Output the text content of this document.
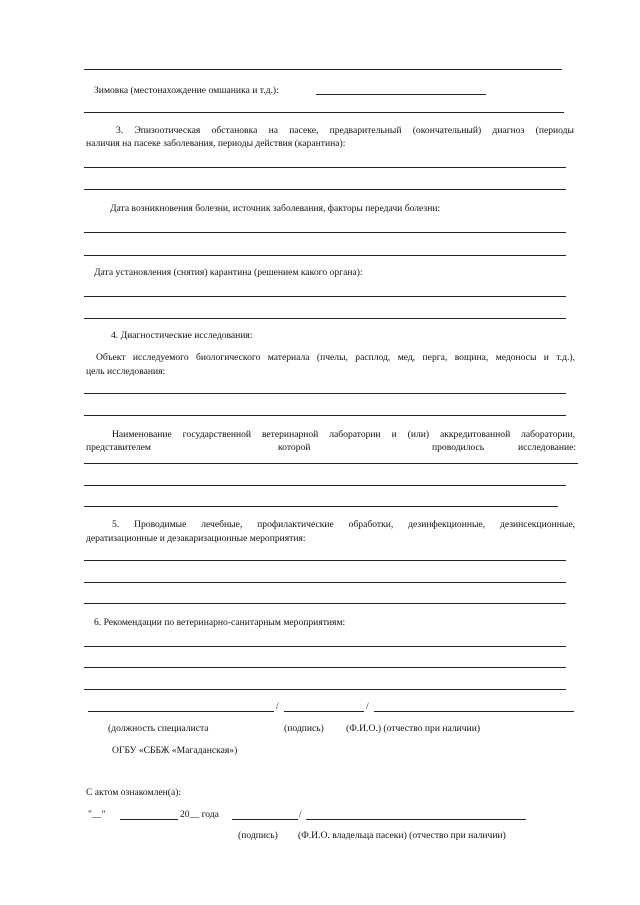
Зимовка (местонахождение омшаника и т.д.):
3. Эпизоотическая обстановка на пасеке, предварительный (окончательный) диагноз (периоды
наличия на пасеке заболевания, периоды действия (карантина):
Дата возникновения болезни, источник заболевания, факторы передачи болезни:
Дата установления (снятия) карантина (решением какого органа):
4. Диагностические исследования:
Объект исследуемого биологического материала (пчелы, расплод, мед, перга, вощина, медоносы и т.д.),
цель исследования:
Наименование государственной ветеринарной лаборатории и (или) аккредитованной лаборатории,
представителем	которой	проводилось	исследование:
5. Проводимые лечебные, профилактические обработки, дезинфекционные, дезинсекционные,
дератизационные и дезакаризационные мероприятия:
6. Рекомендации по ветеринарно-санитарным мероприятиям:
/	/
(должность специалиста	(подпись) (Ф.И.О.) (отчество при наличии)
ОГБУ «СББЖ «Магаданская»)
С актом ознакомлен(а):
"__"	20__ года	/
(подпись) (Ф.И.О. владельца пасеки) (отчество при наличии)
